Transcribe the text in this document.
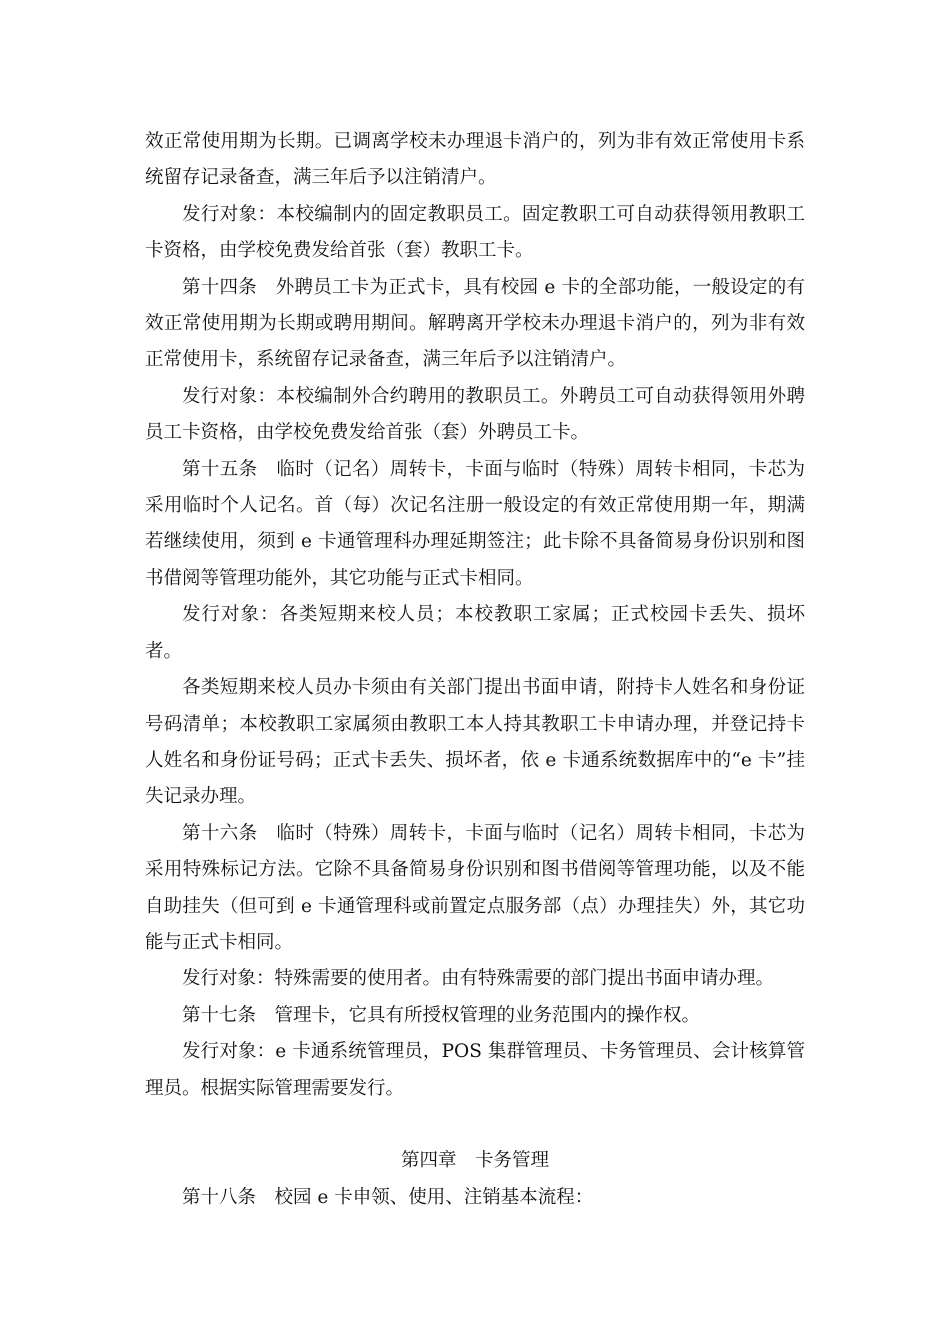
效正常使用期为长期。已调离学校未办理退卡消户的，列为非有效正常使用卡系统留存记录备查，满三年后予以注销清户。

发行对象：本校编制内的固定教职员工。固定教职工可自动获得领用教职工卡资格，由学校免费发给首张（套）教职工卡。

第十四条　外聘员工卡为正式卡，具有校园 e 卡的全部功能，一般设定的有效正常使用期为长期或聘用期间。解聘离开学校未办理退卡消户的，列为非有效正常使用卡，系统留存记录备查，满三年后予以注销清户。

发行对象：本校编制外合约聘用的教职员工。外聘员工可自动获得领用外聘员工卡资格，由学校免费发给首张（套）外聘员工卡。

第十五条　临时（记名）周转卡，卡面与临时（特殊）周转卡相同，卡芯为采用临时个人记名。首（每）次记名注册一般设定的有效正常使用期一年，期满若继续使用，须到 e 卡通管理科办理延期签注；此卡除不具备简易身份识别和图书借阅等管理功能外，其它功能与正式卡相同。

发行对象：各类短期来校人员；本校教职工家属；正式校园卡丢失、损坏者。

各类短期来校人员办卡须由有关部门提出书面申请，附持卡人姓名和身份证号码清单；本校教职工家属须由教职工本人持其教职工卡申请办理，并登记持卡人姓名和身份证号码；正式卡丢失、损坏者，依 e 卡通系统数据库中的“e 卡”挂失记录办理。

第十六条　临时（特殊）周转卡，卡面与临时（记名）周转卡相同，卡芯为采用特殊标记方法。它除不具备简易身份识别和图书借阅等管理功能，以及不能自助挂失（但可到 e 卡通管理科或前置定点服务部（点）办理挂失）外，其它功能与正式卡相同。

发行对象：特殊需要的使用者。由有特殊需要的部门提出书面申请办理。

第十七条　管理卡，它具有所授权管理的业务范围内的操作权。

发行对象：e 卡通系统管理员，POS 集群管理员、卡务管理员、会计核算管理员。根据实际管理需要发行。

第四章　卡务管理

第十八条　校园 e 卡申领、使用、注销基本流程：
